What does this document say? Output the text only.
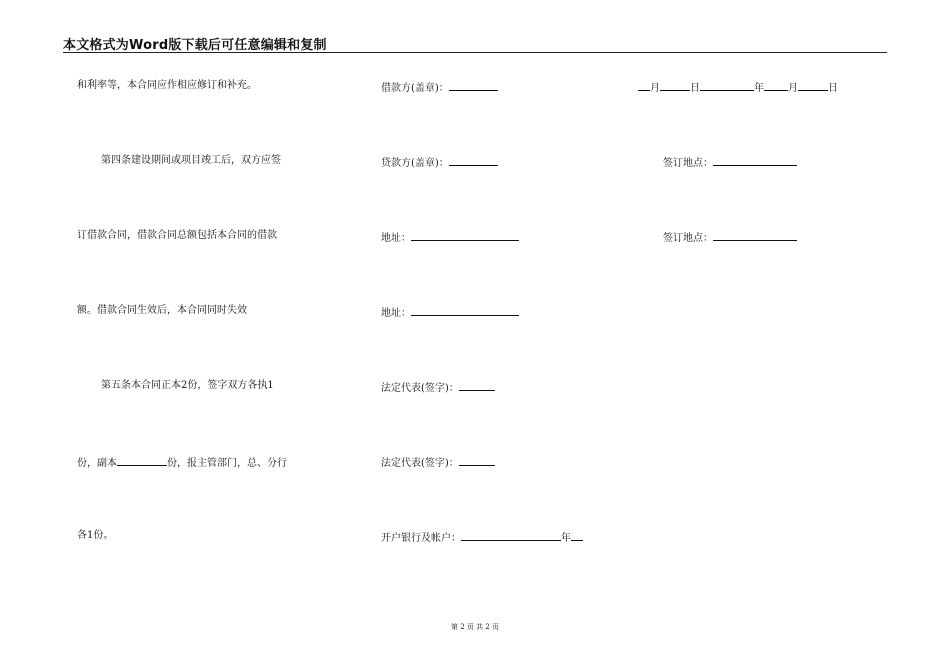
本文格式为Word版下载后可任意编辑和复制
和利率等，本合同应作相应修订和补充。
第四条建设期间或项目竣工后，双方应签
订借款合同，借款合同总额包括本合同的借款
额。借款合同生效后，本合同同时失效
第五条本合同正本2份，签字双方各执1
份，副本	份，报主管部门，总、分行
各1份。
借款方(盖章)：
贷款方(盖章)：
地址：
地址：
法定代表(签字)：
法定代表(签字)：
开户银行及帐户：	年
月	日	年 月	日
签订地点：
签订地点：
第 2 页 共 2 页
